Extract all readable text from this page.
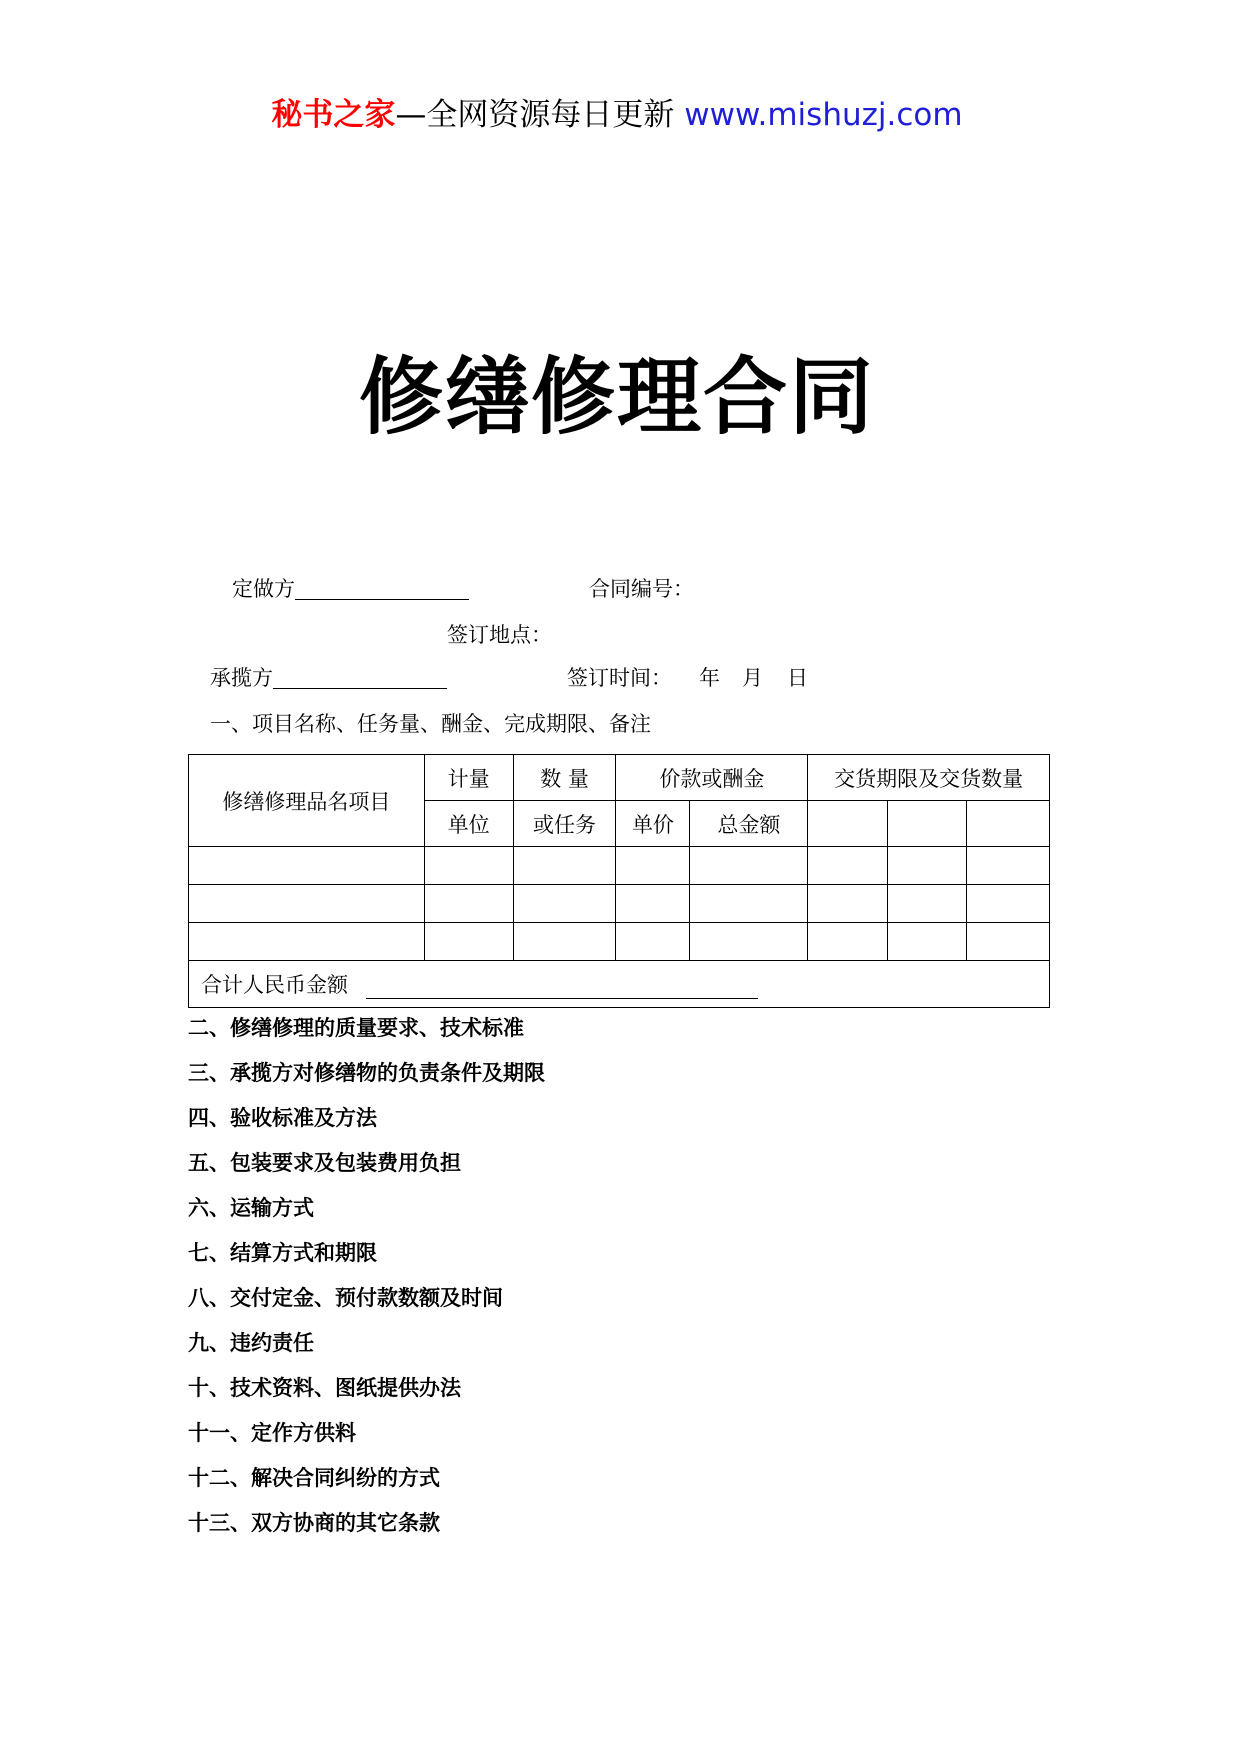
秘书之家—全网资源每日更新 www.mishuzj.com
修缮修理合同
定做方	合同编号：
签订地点：
承揽方	签订时间： 年 月 日
一、项目名称、任务量、酬金、完成期限、备注
修缮修理品名项目	计量	数 量	价款或酬金		交货期限及交货数量		
	单位	或任务	单价	总金额			

合计人民币金额							
二、修缮修理的质量要求、技术标准
三、承揽方对修缮物的负责条件及期限
四、验收标准及方法
五、包装要求及包装费用负担
六、运输方式
七、结算方式和期限
八、交付定金、预付款数额及时间
九、违约责任
十、技术资料、图纸提供办法
十一、定作方供料
十二、解决合同纠纷的方式
十三、双方协商的其它条款
